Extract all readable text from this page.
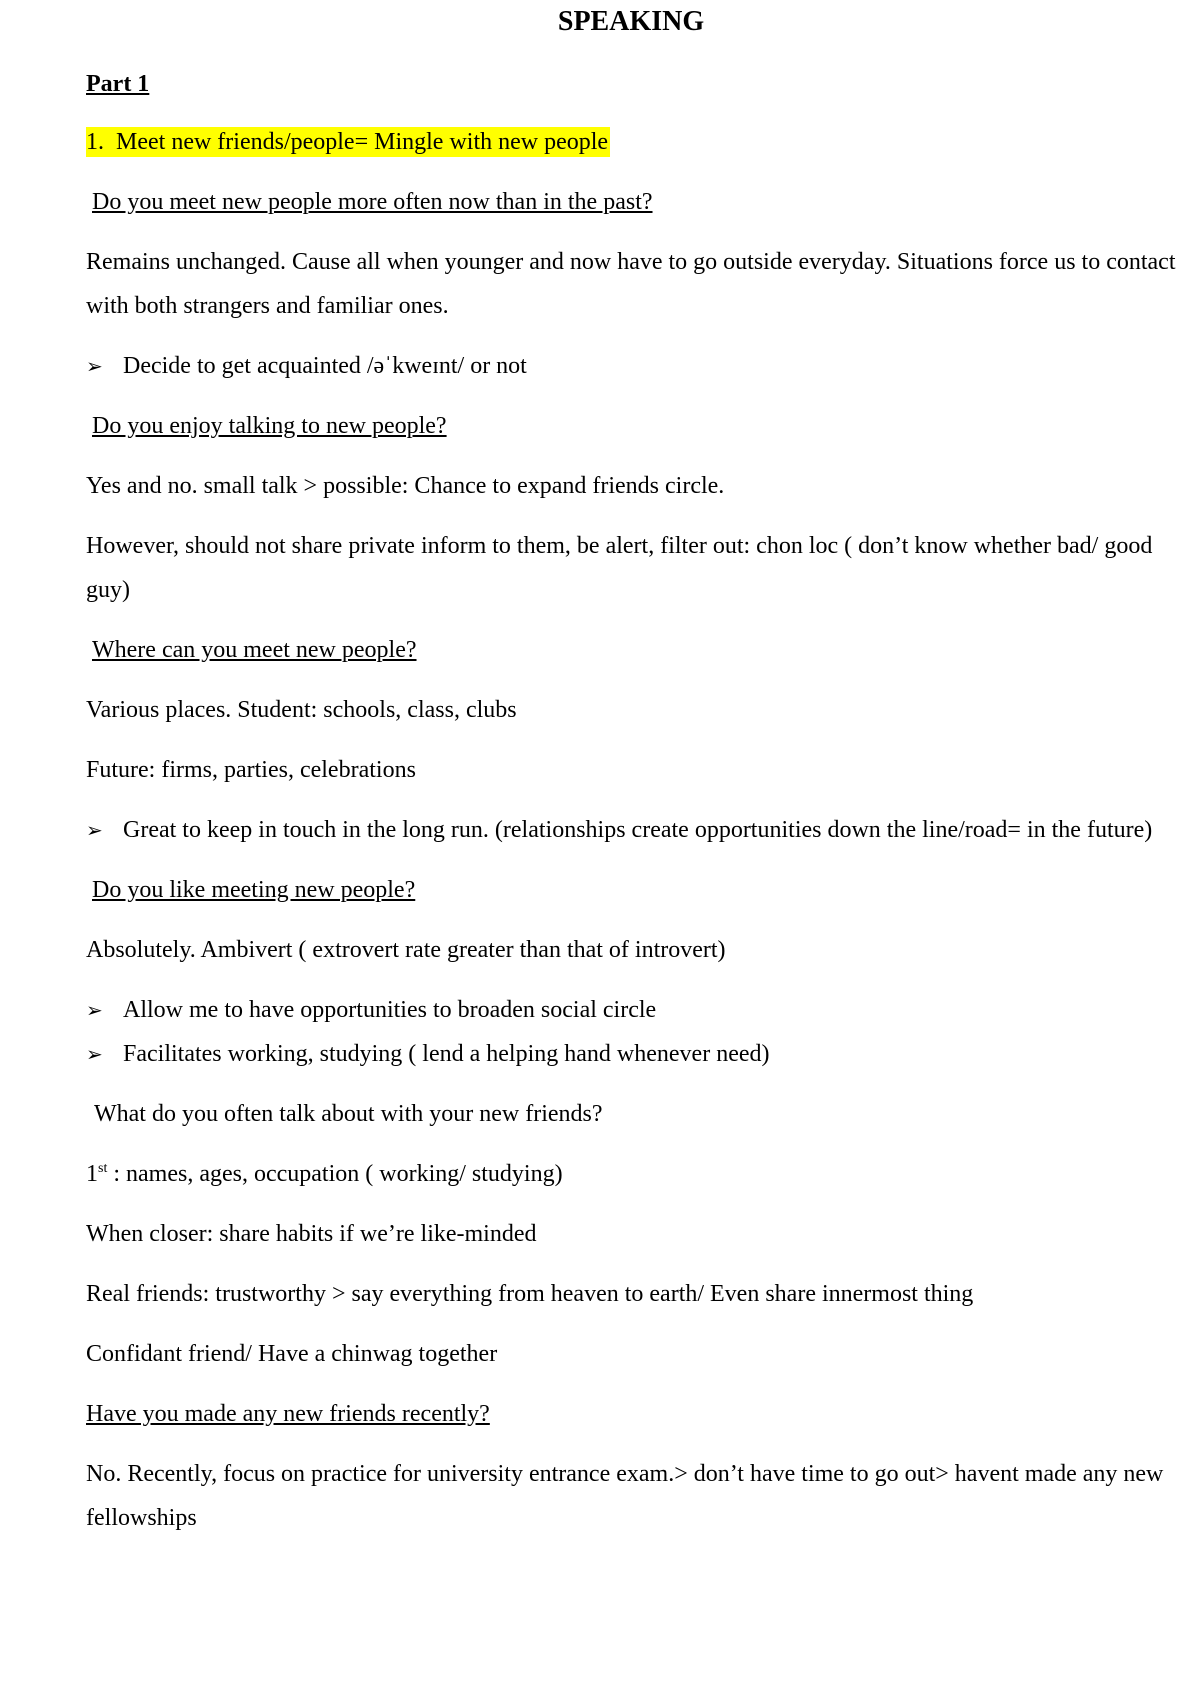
SPEAKING
Part 1
1. Meet new friends/people= Mingle with new people
Do you meet new people more often now than in the past?
Remains unchanged. Cause all when younger and now have to go outside everyday. Situations force us to contact with both strangers and familiar ones.
➢ Decide to get acquainted /əˈkweɪnt/ or not
Do you enjoy talking to new people?
Yes and no. small talk > possible: Chance to expand friends circle.
However, should not share private inform to them, be alert, filter out: chon loc ( don’t know whether bad/ good guy)
Where can you meet new people?
Various places. Student: schools, class, clubs
Future: firms, parties, celebrations
➢ Great to keep in touch in the long run. (relationships create opportunities down the line/road= in the future)
Do you like meeting new people?
Absolutely. Ambivert ( extrovert rate greater than that of introvert)
➢ Allow me to have opportunities to broaden social circle
➢ Facilitates working, studying ( lend a helping hand whenever need)
What do you often talk about with your new friends?
1st : names, ages, occupation ( working/ studying)
When closer: share habits if we’re like-minded
Real friends: trustworthy > say everything from heaven to earth/ Even share innermost thing
Confidant friend/ Have a chinwag together
Have you made any new friends recently?
No. Recently, focus on practice for university entrance exam.> don’t have time to go out> havent made any new fellowships
